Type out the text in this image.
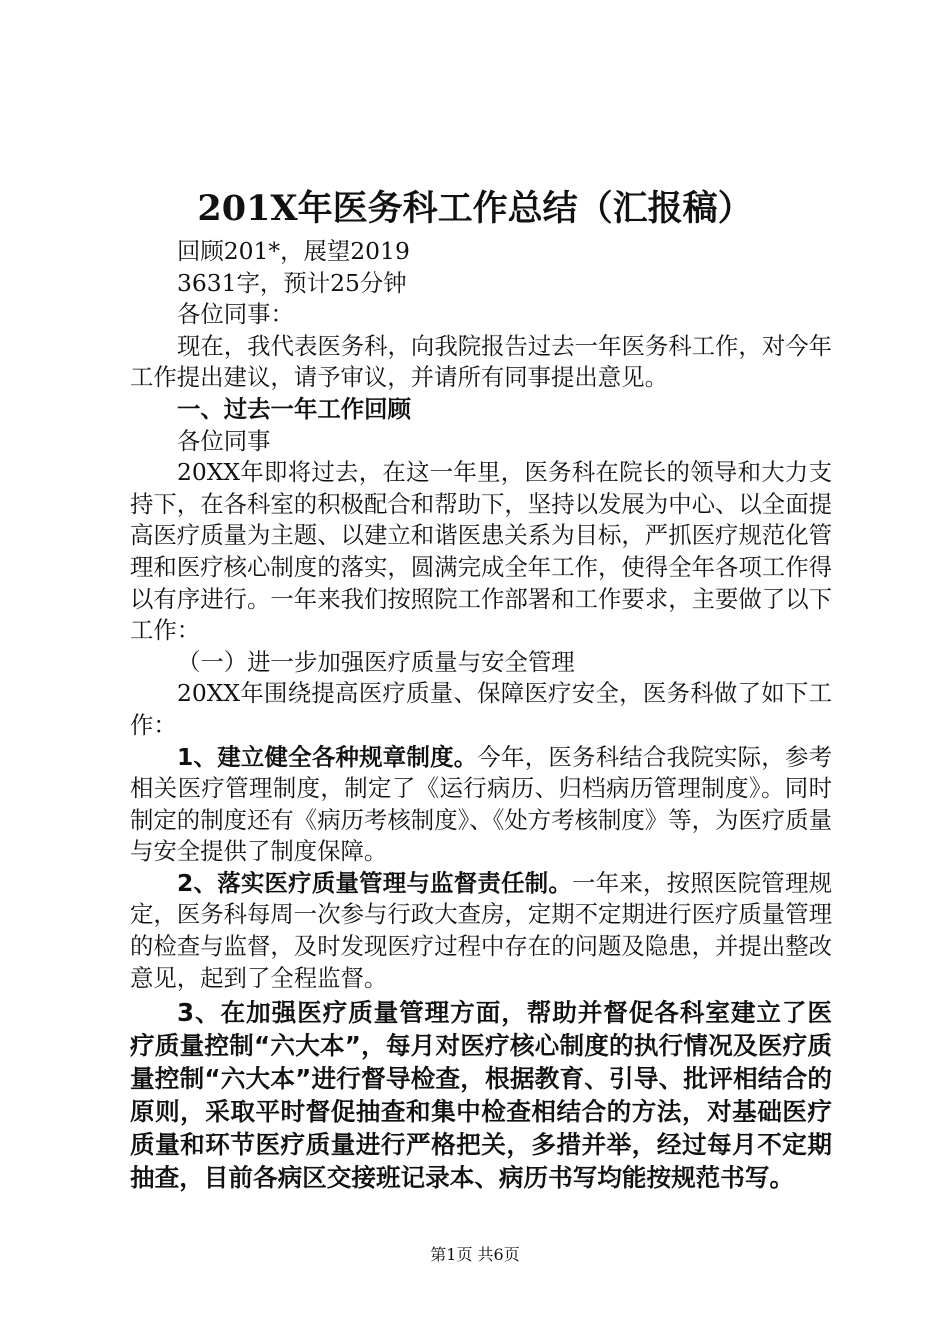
201X年医务科工作总结（汇报稿）

回顾201*，展望2019

3631字，预计25分钟

各位同事：

现在，我代表医务科，向我院报告过去一年医务科工作，对今年工作提出建议，请予审议，并请所有同事提出意见。

一、过去一年工作回顾

各位同事

20XX年即将过去，在这一年里，医务科在院长的领导和大力支持下，在各科室的积极配合和帮助下，坚持以发展为中心、以全面提高医疗质量为主题、以建立和谐医患关系为目标，严抓医疗规范化管理和医疗核心制度的落实，圆满完成全年工作，使得全年各项工作得以有序进行。一年来我们按照院工作部署和工作要求，主要做了以下工作：

（一）进一步加强医疗质量与安全管理

20XX年围绕提高医疗质量、保障医疗安全，医务科做了如下工作：

1、建立健全各种规章制度。今年，医务科结合我院实际，参考相关医疗管理制度，制定了《运行病历、归档病历管理制度》。同时制定的制度还有《病历考核制度》、《处方考核制度》等，为医疗质量与安全提供了制度保障。

2、落实医疗质量管理与监督责任制。一年来，按照医院管理规定，医务科每周一次参与行政大查房，定期不定期进行医疗质量管理的检查与监督，及时发现医疗过程中存在的问题及隐患，并提出整改意见，起到了全程监督。

3、在加强医疗质量管理方面，帮助并督促各科室建立了医疗质量控制“六大本”，每月对医疗核心制度的执行情况及医疗质量控制“六大本”进行督导检查，根据教育、引导、批评相结合的原则，采取平时督促抽查和集中检查相结合的方法，对基础医疗质量和环节医疗质量进行严格把关，多措并举，经过每月不定期抽查，目前各病区交接班记录本、病历书写均能按规范书写。

第1页 共6页
